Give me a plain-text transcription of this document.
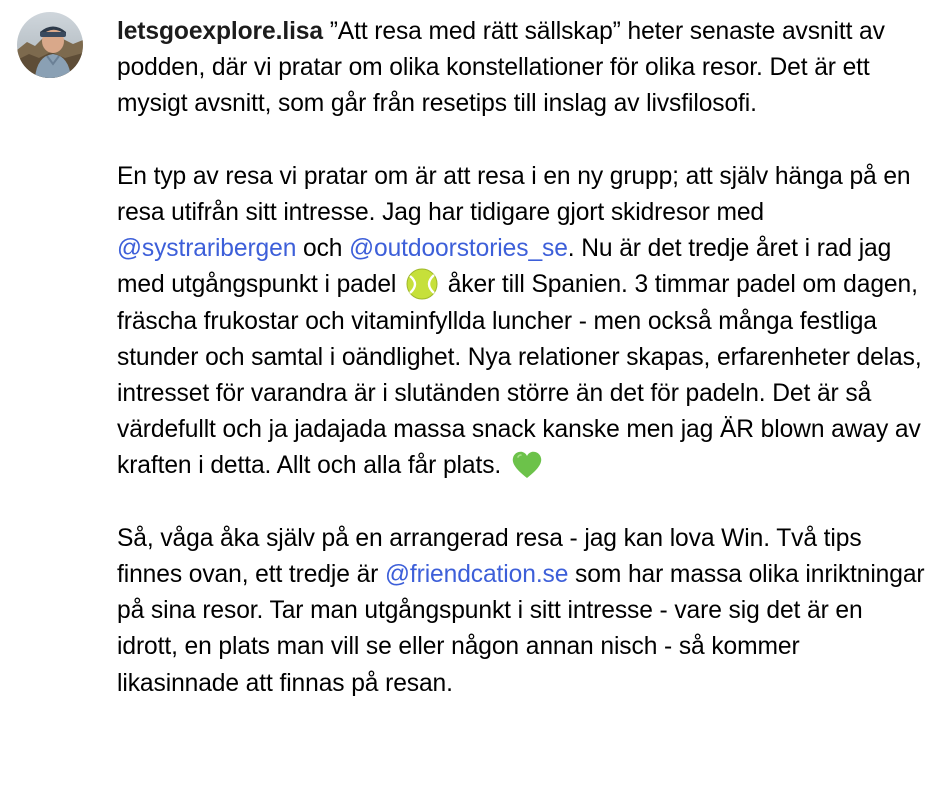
letsgoexplore.lisa ”Att resa med rätt sällskap” heter senaste avsnitt av podden, där vi pratar om olika konstellationer för olika resor. Det är ett mysigt avsnitt, som går från resetips till inslag av livsfilosofi.

En typ av resa vi pratar om är att resa i en ny grupp; att själv hänga på en resa utifrån sitt intresse. Jag har tidigare gjort skidresor med @systraribergen och @outdoorstories_se. Nu är det tredje året i rad jag med utgångspunkt i padel
åker till Spanien. 3 timmar padel om dagen, fräscha frukostar och vitaminfyllda luncher - men också många festliga stunder och samtal i oändlighet. Nya relationer skapas, erfarenheter delas, intresset för varandra är i slutänden större än det för padeln. Det är så värdefullt och ja jadajada massa snack kanske men jag ÄR blown away av kraften i detta. Allt och alla får plats.

Så, våga åka själv på en arrangerad resa - jag kan lova Win. Två tips finnes ovan, ett tredje är @friendcation.se som har massa olika inriktningar på sina resor. Tar man utgångspunkt i sitt intresse - vare sig det är en idrott, en plats man vill se eller någon annan nisch - så kommer likasinnade att finnas på resan.
